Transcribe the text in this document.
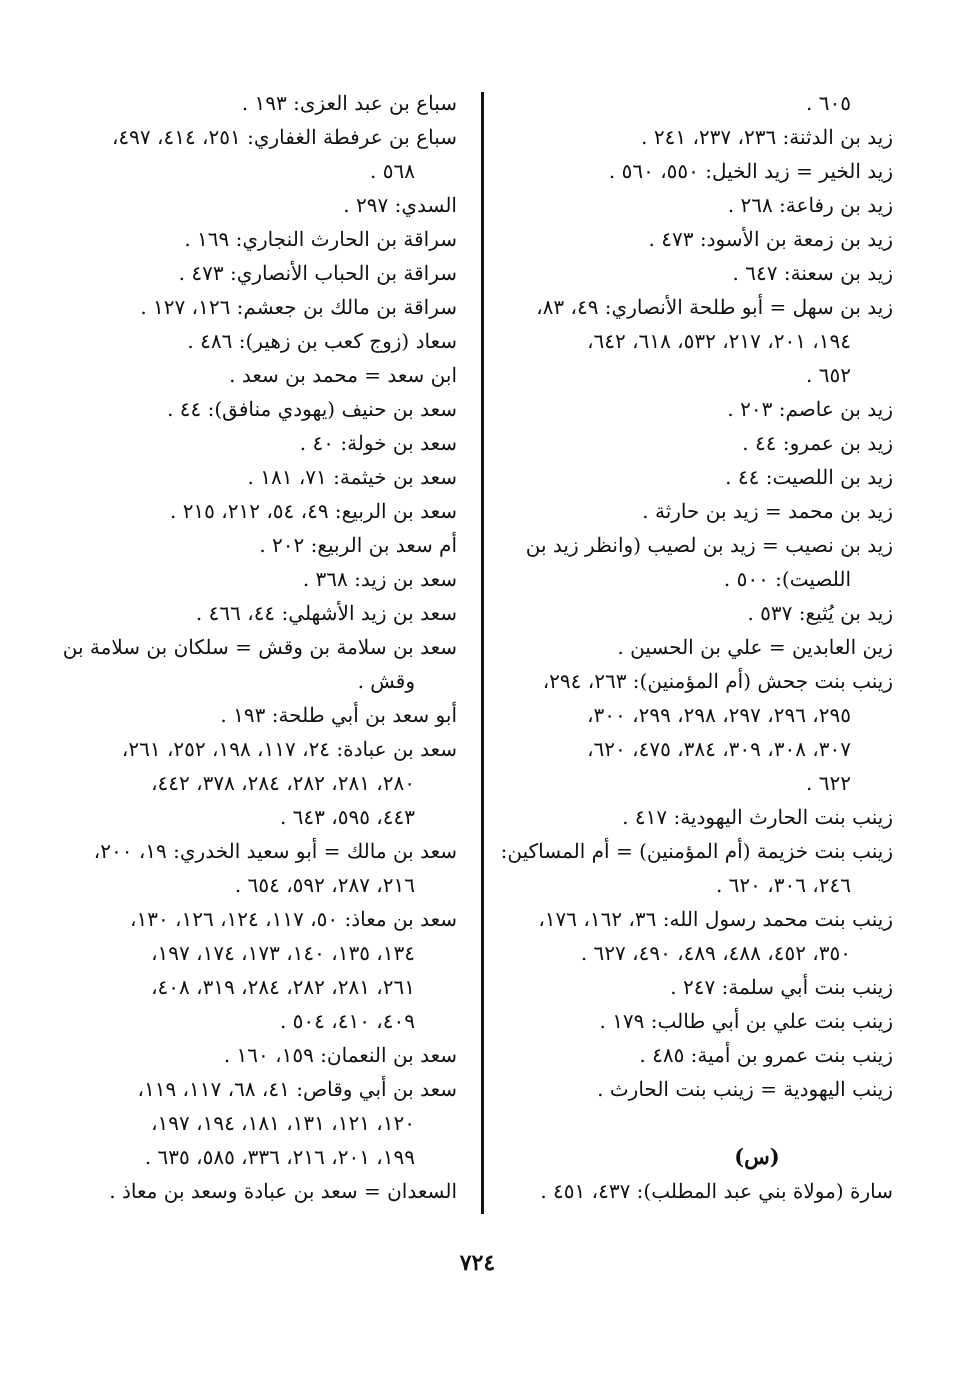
٦٠٥ .
زيد بن الدثنة: ٢٣٦، ٢٣٧، ٢٤١ .
زيد الخير = زيد الخيل: ٥٥٠، ٥٦٠ .
زيد بن رفاعة: ٢٦٨ .
زيد بن زمعة بن الأسود: ٤٧٣ .
زيد بن سعنة: ٦٤٧ .
زيد بن سهل = أبو طلحة الأنصاري: ٤٩، ٨٣،
١٩٤، ٢٠١، ٢١٧، ٥٣٢، ٦١٨، ٦٤٢،
٦٥٢ .
زيد بن عاصم: ٢٠٣ .
زيد بن عمرو: ٤٤ .
زيد بن اللصيت: ٤٤ .
زيد بن محمد = زيد بن حارثة .
زيد بن نصيب = زيد بن لصيب (وانظر زيد بن
اللصيت): ٥٠٠ .
زيد بن يُثيع: ٥٣٧ .
زين العابدين = علي بن الحسين .
زينب بنت جحش (أم المؤمنين): ٢٦٣، ٢٩٤،
٢٩٥، ٢٩٦، ٢٩٧، ٢٩٨، ٢٩٩، ٣٠٠،
٣٠٧، ٣٠٨، ٣٠٩، ٣٨٤، ٤٧٥، ٦٢٠،
٦٢٢ .
زينب بنت الحارث اليهودية: ٤١٧ .
زينب بنت خزيمة (أم المؤمنين) = أم المساكين:
٢٤٦، ٣٠٦، ٦٢٠ .
زينب بنت محمد رسول الله: ٣٦، ١٦٢، ١٧٦،
٣٥٠، ٤٥٢، ٤٨٨، ٤٨٩، ٤٩٠، ٦٢٧ .
زينب بنت أبي سلمة: ٢٤٧ .
زينب بنت علي بن أبي طالب: ١٧٩ .
زينب بنت عمرو بن أمية: ٤٨٥ .
زينب اليهودية = زينب بنت الحارث .
(س)
سارة (مولاة بني عبد المطلب): ٤٣٧، ٤٥١ .
سباع بن عبد العزى: ١٩٣ .
سباع بن عرفطة الغفاري: ٢٥١، ٤١٤، ٤٩٧،
٥٦٨ .
السدي: ٢٩٧ .
سراقة بن الحارث النجاري: ١٦٩ .
سراقة بن الحباب الأنصاري: ٤٧٣ .
سراقة بن مالك بن جعشم: ١٢٦، ١٢٧ .
سعاد (زوج كعب بن زهير): ٤٨٦ .
ابن سعد = محمد بن سعد .
سعد بن حنيف (يهودي منافق): ٤٤ .
سعد بن خولة: ٤٠ .
سعد بن خيثمة: ٧١، ١٨١ .
سعد بن الربيع: ٤٩، ٥٤، ٢١٢، ٢١٥ .
أم سعد بن الربيع: ٢٠٢ .
سعد بن زيد: ٣٦٨ .
سعد بن زيد الأشهلي: ٤٤، ٤٦٦ .
سعد بن سلامة بن وقش = سلكان بن سلامة بن
وقش .
أبو سعد بن أبي طلحة: ١٩٣ .
سعد بن عبادة: ٢٤، ١١٧، ١٩٨، ٢٥٢، ٢٦١،
٢٨٠، ٢٨١، ٢٨٢، ٢٨٤، ٣٧٨، ٤٤٢،
٤٤٣، ٥٩٥، ٦٤٣ .
سعد بن مالك = أبو سعيد الخدري: ١٩، ٢٠٠،
٢١٦، ٢٨٧، ٥٩٢، ٦٥٤ .
سعد بن معاذ: ٥٠، ١١٧، ١٢٤، ١٢٦، ١٣٠،
١٣٤، ١٣٥، ١٤٠، ١٧٣، ١٧٤، ١٩٧،
٢٦١، ٢٨١، ٢٨٢، ٢٨٤، ٣١٩، ٤٠٨،
٤٠٩، ٤١٠، ٥٠٤ .
سعد بن النعمان: ١٥٩، ١٦٠ .
سعد بن أبي وقاص: ٤١، ٦٨، ١١٧، ١١٩،
١٢٠، ١٢١، ١٣١، ١٨١، ١٩٤، ١٩٧،
١٩٩، ٢٠١، ٢١٦، ٣٣٦، ٥٨٥، ٦٣٥ .
السعدان = سعد بن عبادة وسعد بن معاذ .
٧٢٤
